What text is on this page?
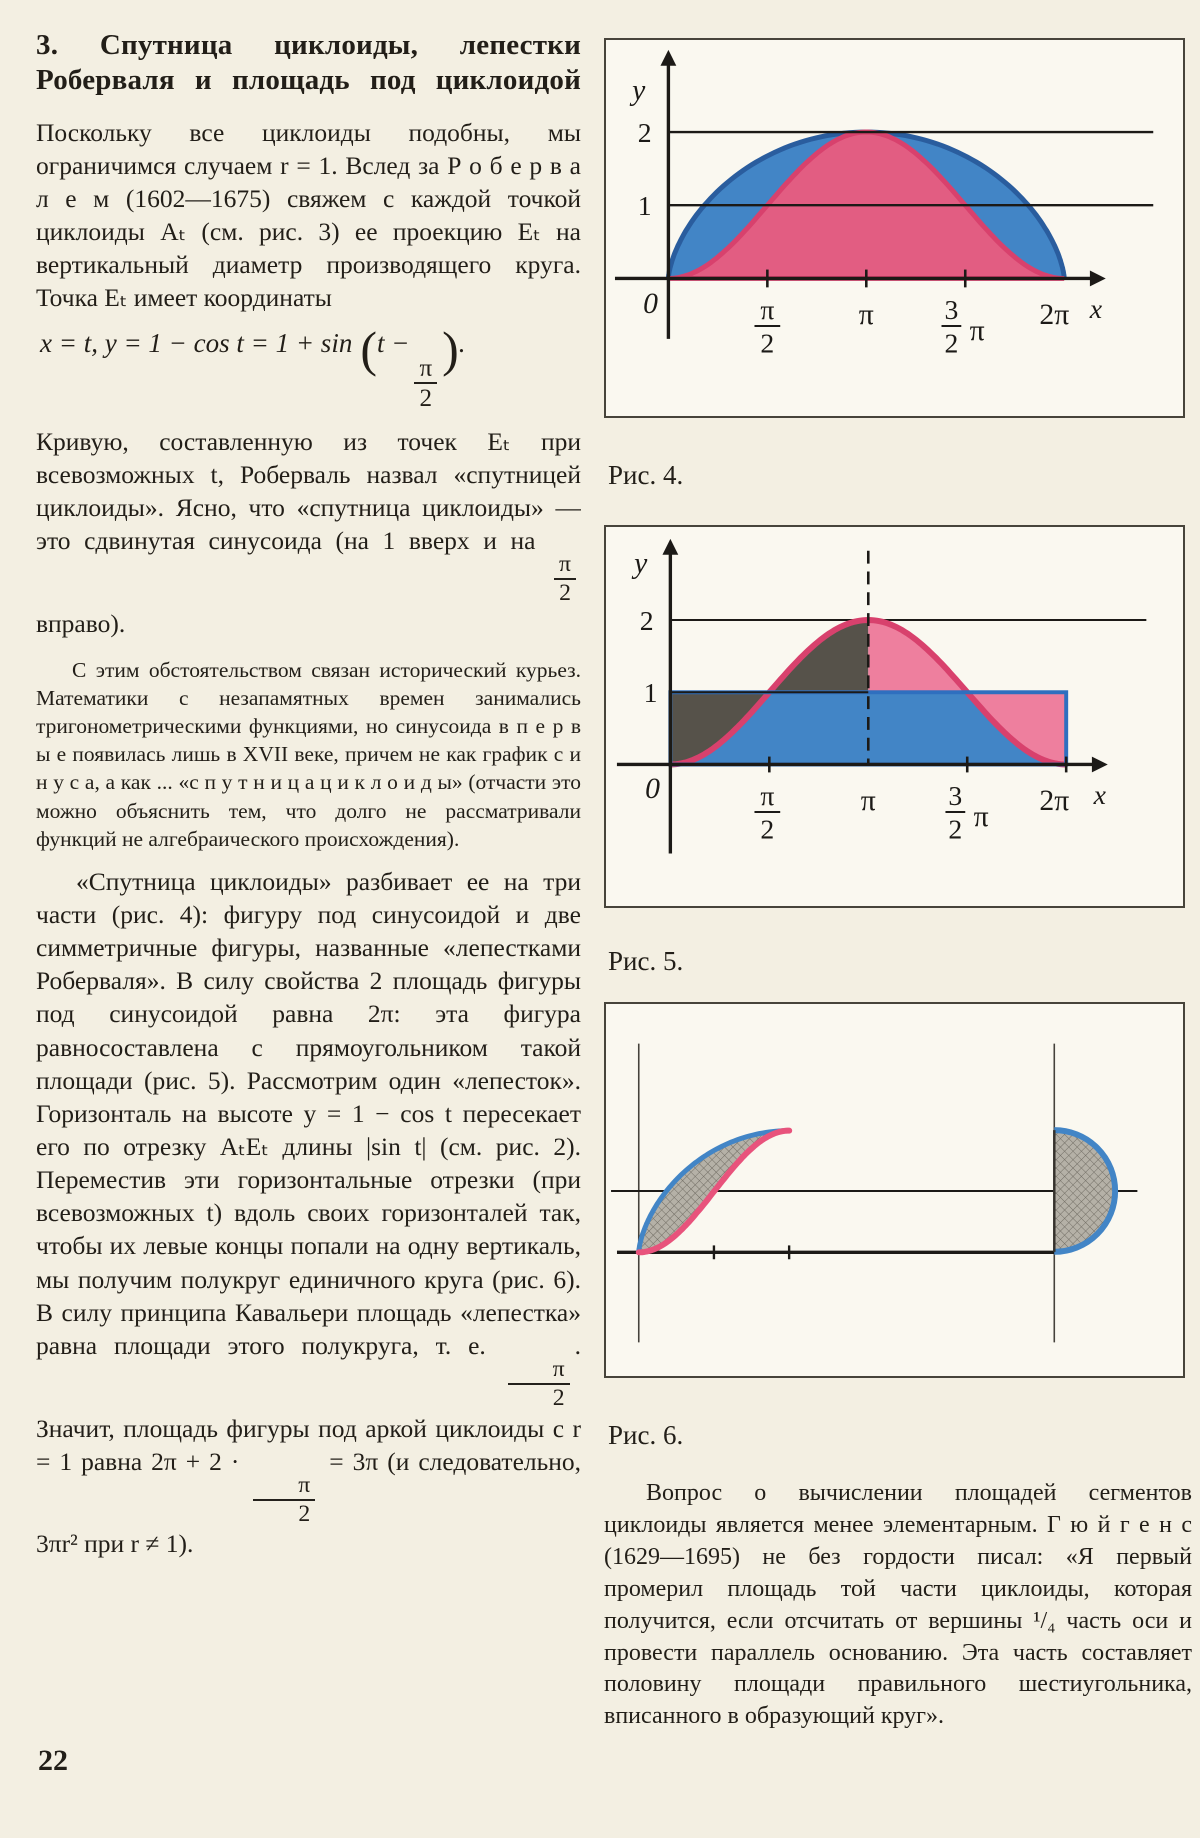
3. Спутница циклоиды, лепестки Роберваля и площадь под циклоидой

Поскольку все циклоиды подобны, мы ограничимся случаем r = 1. Вслед за Р о б е р в а л е м (1602—1675) свяжем с каждой точкой циклоиды Aₜ (см. рис. 3) ее проекцию Eₜ на вертикальный диаметр производящего круга. Точка Eₜ имеет координаты

x = t, y = 1 − cos t = 1 + sin (t −
$\frac{\pi}{2}$
).

Кривую, составленную из точек Eₜ при всевозможных t, Роберваль назвал «спутницей циклоиды». Ясно, что «спутница циклоиды» — это сдвинутая синусоида (на 1 вверх и на
$\frac{\pi}{2}$
вправо).

С этим обстоятельством связан исторический курьез. Математики с незапамятных времен занимались тригонометрическими функциями, но синусоида в п е р в ы е появилась лишь в XVII веке, причем не как график с и н у с а, а как ... «с п у т н и ц а ц и к л о и д ы» (отчасти это можно объяснить тем, что долго не рассматривали функций не алгебраического происхождения).

«Спутница циклоиды» разбивает ее на три части (рис. 4): фигуру под синусоидой и две симметричные фигуры, названные «лепестками Роберваля». В силу свойства 2 площадь фигуры под синусоидой равна 2π: эта фигура равносоставлена с прямоугольником такой площади (рис. 5). Рассмотрим один «лепесток». Горизонталь на высоте y = 1 − cos t пересекает его по отрезку AₜEₜ длины |sin t| (см. рис. 2). Переместив эти горизонтальные отрезки (при всевозможных t) вдоль своих горизонталей так, чтобы их левые концы попали на одну вертикаль, мы получим полукруг единичного круга (рис. 6). В силу принципа Кавальери площадь «лепестка» равна площади этого полукруга, т. е.
$\frac{\pi}{2}$
. Значит, площадь фигуры под аркой циклоиды с r = 1 равна 2π + 2 ·
$\frac{\pi}{2}$
= 3π (и следовательно, 3πr² при r ≠ 1).

y
2
1
0	π
2
π	3
2 π 2π x
Рис. 4.
y
2
1
0	π
2
π	3
2 π 2π x
Рис. 5.
Рис. 6.

Вопрос о вычислении площадей сегментов циклоиды является менее элементарным. Г ю й г е н с (1629—1695) не без гордости писал: «Я первый промерил площадь той части циклоиды, которая получится, если отсчитать от вершины ¹/₄ часть оси и провести параллель основанию. Эта часть составляет половину площади правильного шестиугольника, вписанного в образующий круг».

22
